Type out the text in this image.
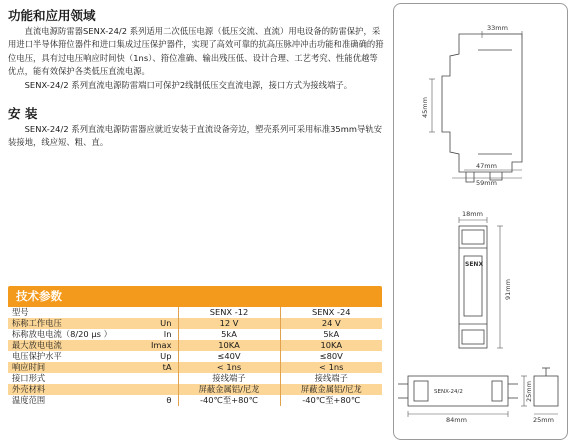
功能和应用领域

直流电源防雷器SENX-24/2 系列适用二次低压电源（低压交流、直流）用电设备的防雷保护，采用进口半导体箝位器件和进口集成过压保护器件，实现了高效可靠的抗高压脉冲冲击功能和准确确的箝位电压，具有过电压响应时间快（1ns）、箝位准确、输出残压低、设计合理、工艺考究、性能优越等优点，能有效保护各类低压直流电源。

SENX-24/2 系列直流电源防雷端口可保护2线制低压交直流电源，接口方式为接线端子。

安 装

SENX-24/2 系列直流电源防雷器应就近安装于直流设备旁边，塑壳系列可采用标准35mm导轨安装接地，线应短、粗、直。

技术参数
型号	SENX -12	SENX -24
标称工作电压 Un	12 V	24 V
标称放电电流（8/20 μs ） In	5kA	5kA
最大放电电流 Imax	10KA	10KA
电压保护水平 Up	≤40V	≤80V
响应时间 tA	< 1ns	< 1ns
接口形式	接线端子	接线端子
外壳材料	屏蔽金属铝/尼龙	屏蔽金属铝/尼龙
温度范围 θ	-40℃至+80℃	-40℃至+80℃
33mm
45mm
47mm
59mm
18mm
91mm
SENX
84mm
25mm
25mm
SENX-24/2
